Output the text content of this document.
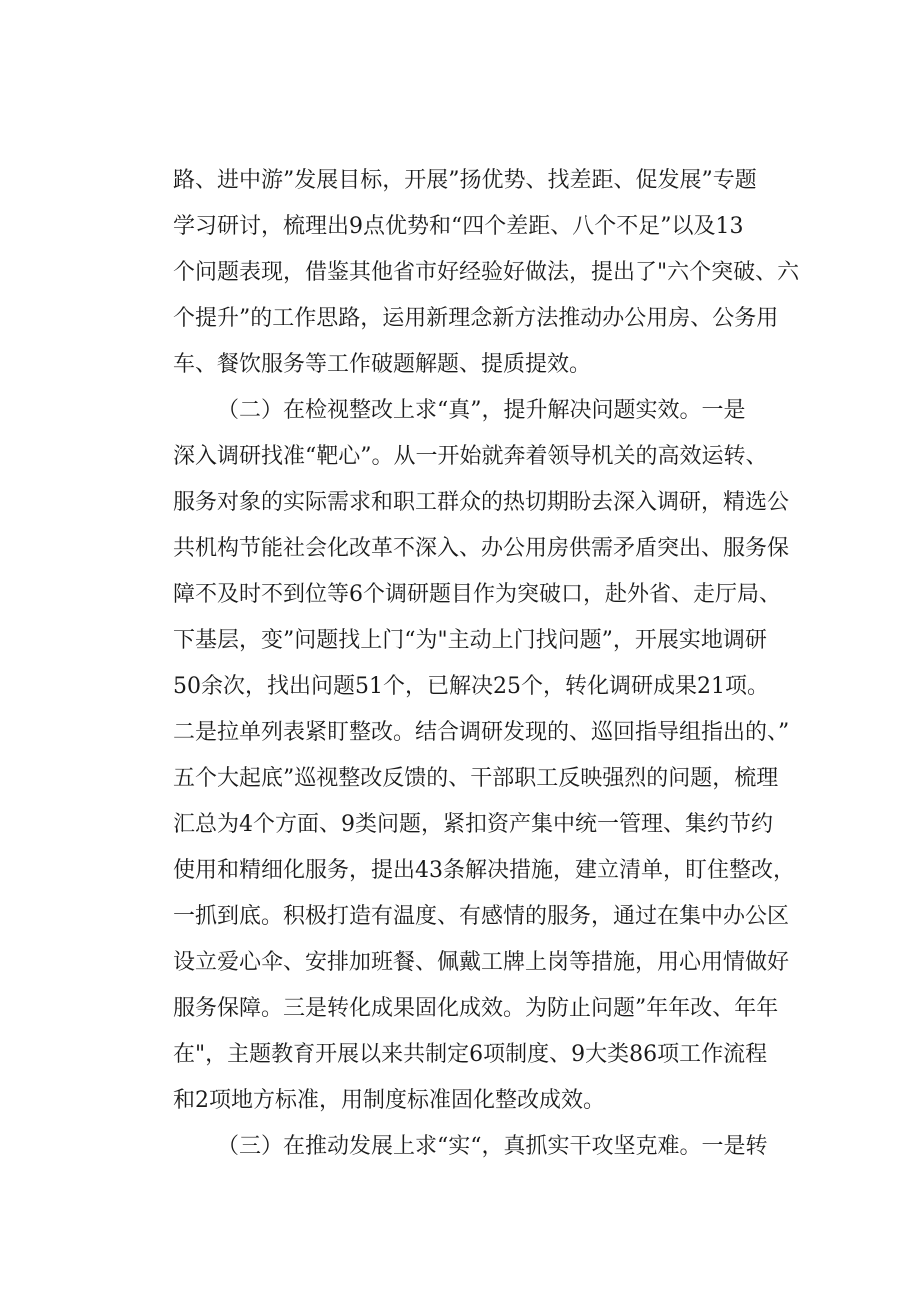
路、进中游”发展目标，开展”扬优势、找差距、促发展”专题
学习研讨，梳理出9点优势和“四个差距、八个不足”以及13
个问题表现，借鉴其他省市好经验好做法，提出了"六个突破、六
个提升”的工作思路，运用新理念新方法推动办公用房、公务用
车、餐饮服务等工作破题解题、提质提效。
（二）在检视整改上求“真”，提升解决问题实效。一是
深入调研找准“靶心”。从一开始就奔着领导机关的高效运转、
服务对象的实际需求和职工群众的热切期盼去深入调研，精选公
共机构节能社会化改革不深入、办公用房供需矛盾突出、服务保
障不及时不到位等6个调研题目作为突破口，赴外省、走厅局、
下基层，变”问题找上门“为"主动上门找问题”，开展实地调研
50余次，找出问题51个，已解决25个，转化调研成果21项。
二是拉单列表紧盯整改。结合调研发现的、巡回指导组指出的、”
五个大起底”巡视整改反馈的、干部职工反映强烈的问题，梳理
汇总为4个方面、9类问题，紧扣资产集中统一管理、集约节约
使用和精细化服务，提出43条解决措施，建立清单，盯住整改，
一抓到底。积极打造有温度、有感情的服务，通过在集中办公区
设立爱心伞、安排加班餐、佩戴工牌上岗等措施，用心用情做好
服务保障。三是转化成果固化成效。为防止问题”年年改、年年
在"，主题教育开展以来共制定6项制度、9大类86项工作流程
和2项地方标准，用制度标准固化整改成效。
（三）在推动发展上求“实“，真抓实干攻坚克难。一是转
